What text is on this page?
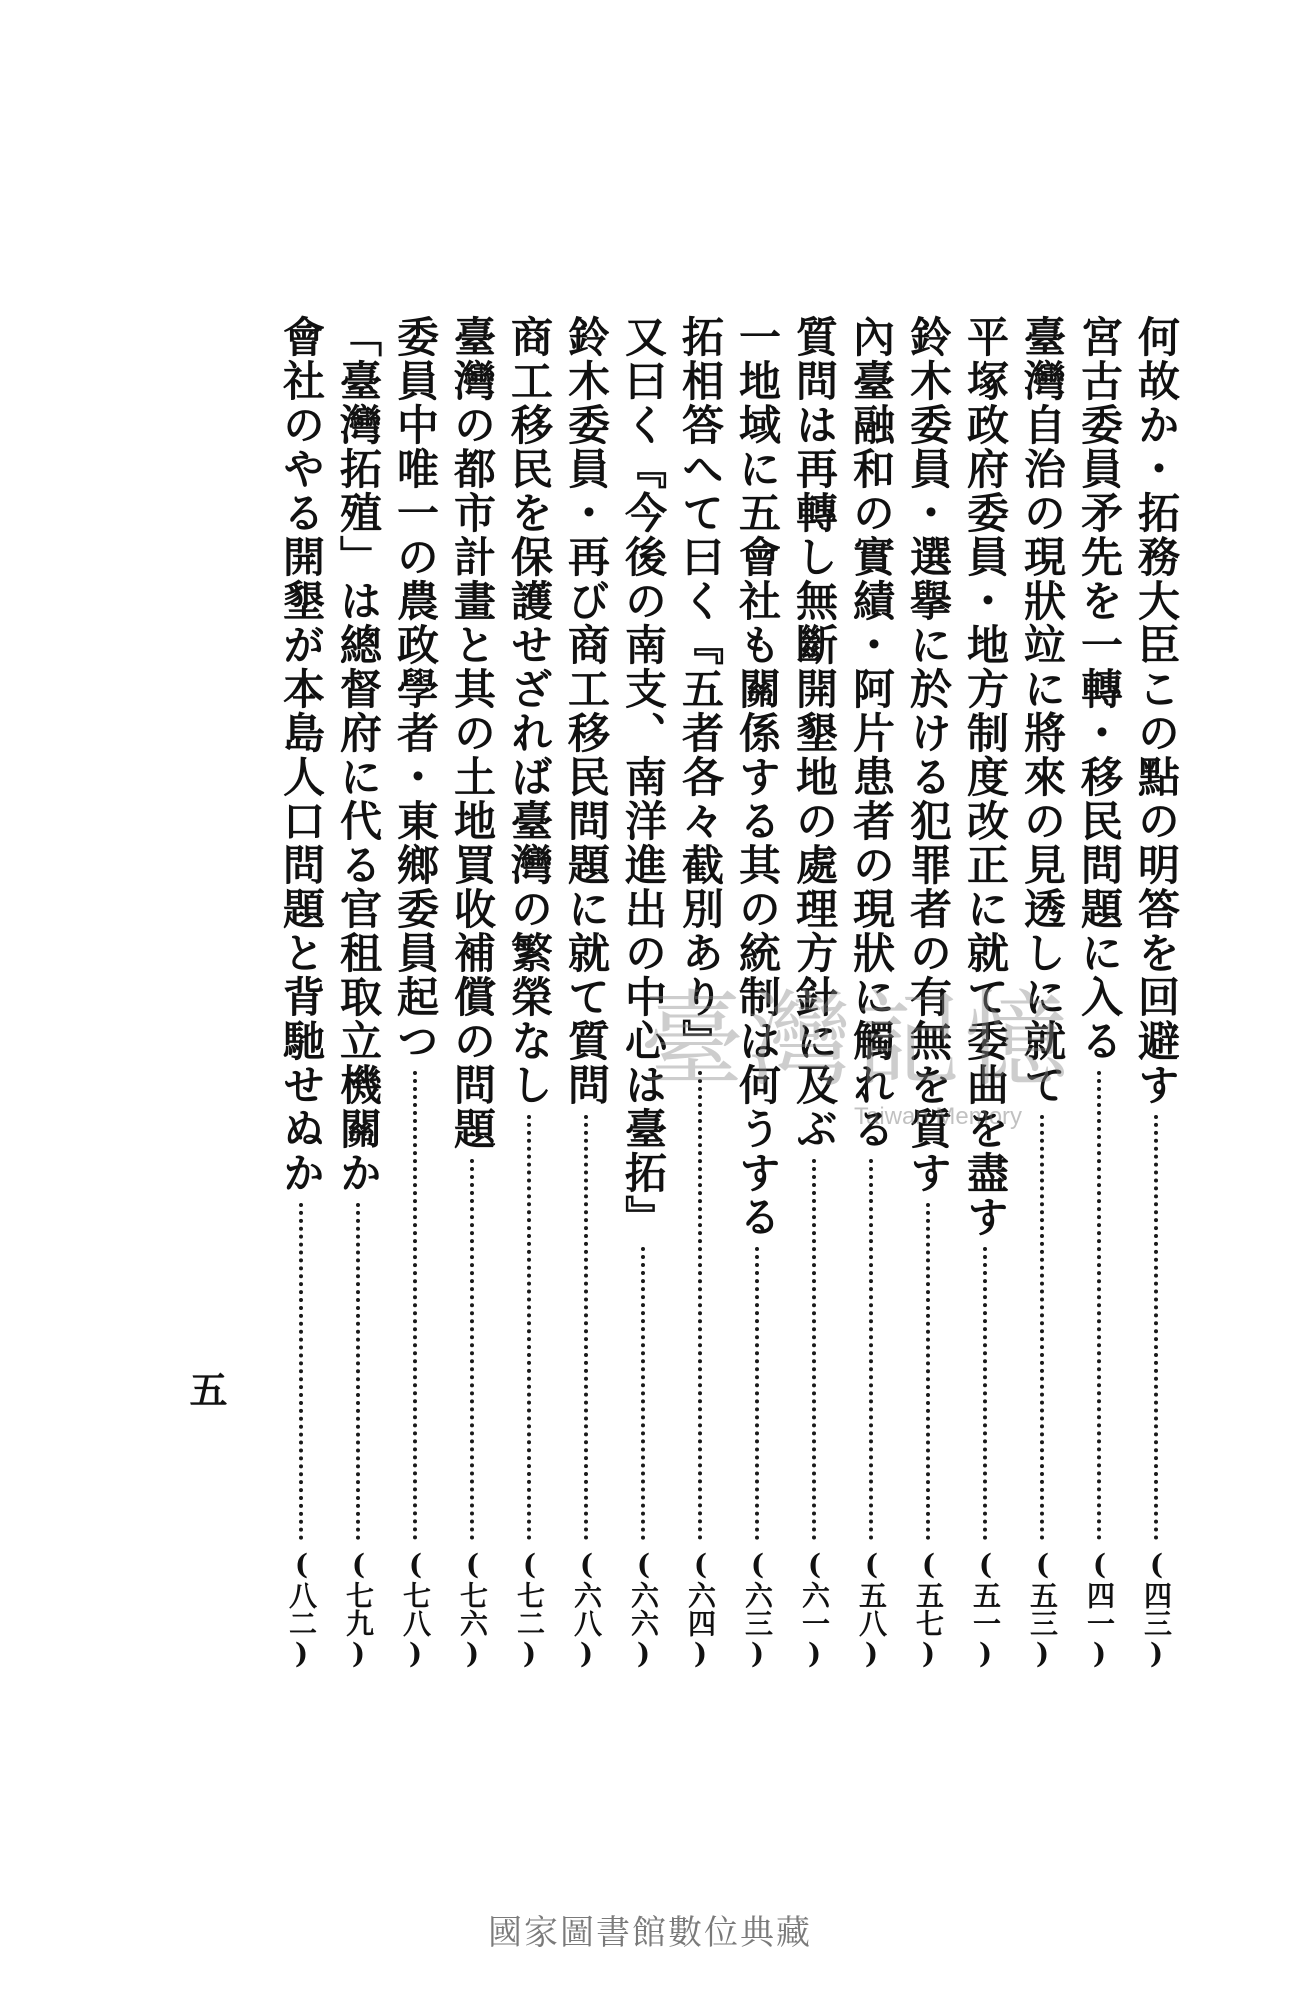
何故か・拓務大臣この點の明答を回避す
(四三)
宮古委員矛先を一轉・移民問題に入る
(四一)
臺灣自治の現狀竝に將來の見透しに就て
(五三)
平塚政府委員・地方制度改正に就て委曲を盡す
(五一)
鈴木委員・選擧に於ける犯罪者の有無を質す
(五七)
內臺融和の實績・阿片患者の現狀に觸れる
(五八)
質問は再轉し無斷開墾地の處理方針に及ぶ
(六一)
一地域に五會社も關係する其の統制は何うする
(六三)
拓相答へて曰く『五者各々截別あり』
(六四)
又曰く『今後の南支、南洋進出の中心は臺拓』
(六六)
鈴木委員・再び商工移民問題に就て質問
(六八)
商工移民を保護せざれば臺灣の繁榮なし
(七二)
臺灣の都市計畫と其の土地買收補償の問題
(七六)
委員中唯一の農政學者・東鄉委員起つ
(七八)
「臺灣拓殖」は總督府に代る官租取立機關か
(七九)
會社のやる開墾が本島人口問題と背馳せぬか
(八二)
五
臺灣記憶
Taiwan Memory
國家圖書館數位典藏
